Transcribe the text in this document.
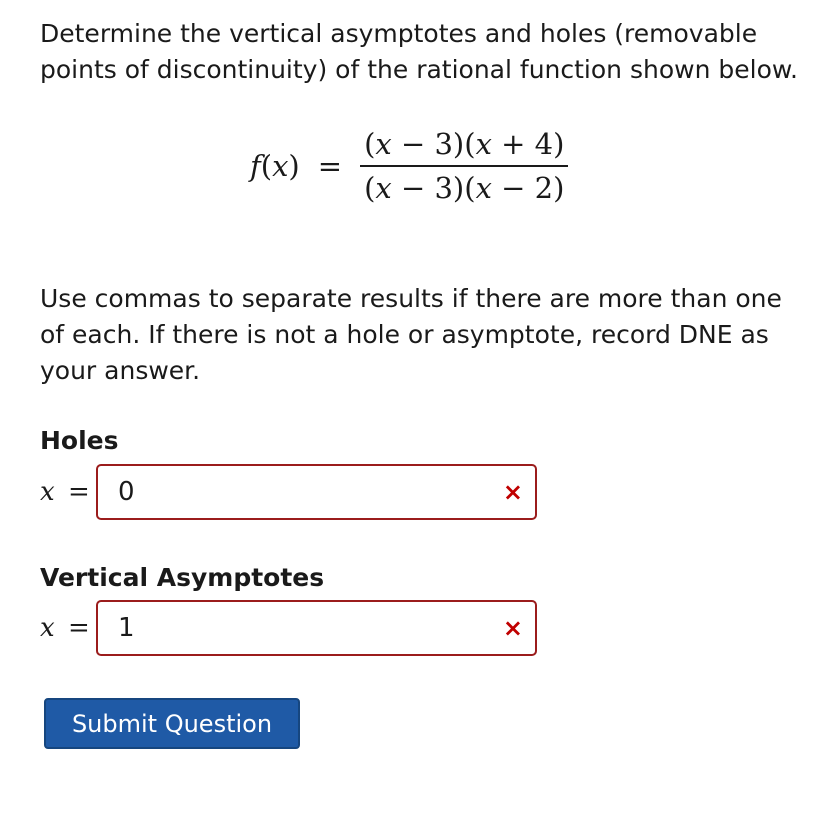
Determine the vertical asymptotes and holes (removable points of discontinuity) of the rational function shown below.

$f(x) = \frac{(x - 3)(x + 4)}{(x - 3)(x - 2)}$

Use commas to separate results if there are more than one of each. If there is not a hole or asymptote, record DNE as your answer.

Holes
x =
0	×
Vertical Asymptotes
x =
1	×
Submit Question
